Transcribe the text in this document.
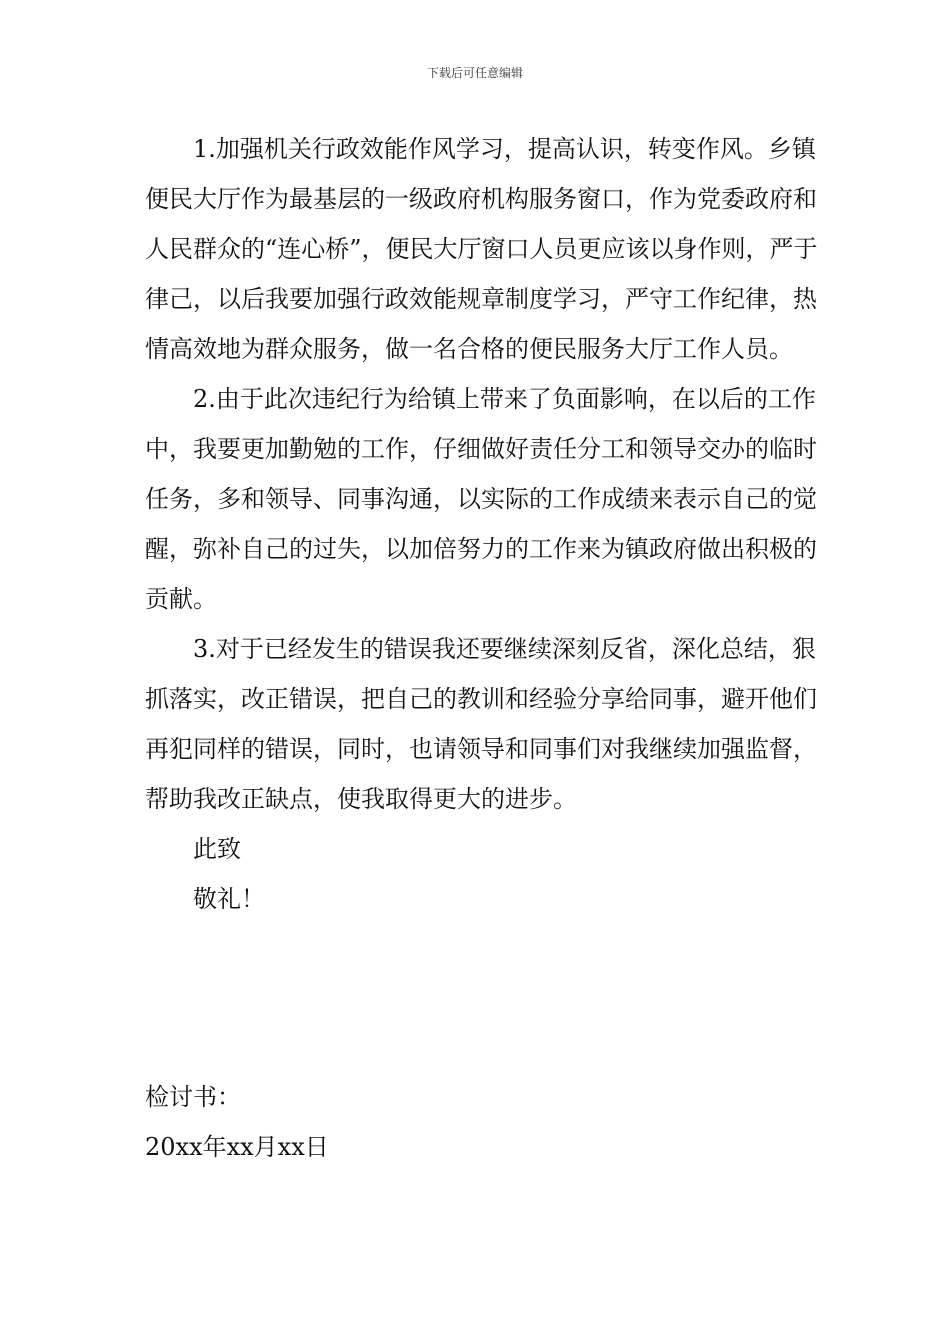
下载后可任意编辑

1.加强机关行政效能作风学习，提高认识，转变作风。乡镇便民大厅作为最基层的一级政府机构服务窗口，作为党委政府和人民群众的“连心桥”，便民大厅窗口人员更应该以身作则，严于律己，以后我要加强行政效能规章制度学习，严守工作纪律，热情高效地为群众服务，做一名合格的便民服务大厅工作人员。

2.由于此次违纪行为给镇上带来了负面影响，在以后的工作中，我要更加勤勉的工作，仔细做好责任分工和领导交办的临时任务，多和领导、同事沟通，以实际的工作成绩来表示自己的觉醒，弥补自己的过失，以加倍努力的工作来为镇政府做出积极的贡献。

3.对于已经发生的错误我还要继续深刻反省，深化总结，狠抓落实，改正错误，把自己的教训和经验分享给同事，避开他们再犯同样的错误，同时，也请领导和同事们对我继续加强监督，帮助我改正缺点，使我取得更大的进步。

此致

敬礼！

检讨书：

20xx年xx月xx日
